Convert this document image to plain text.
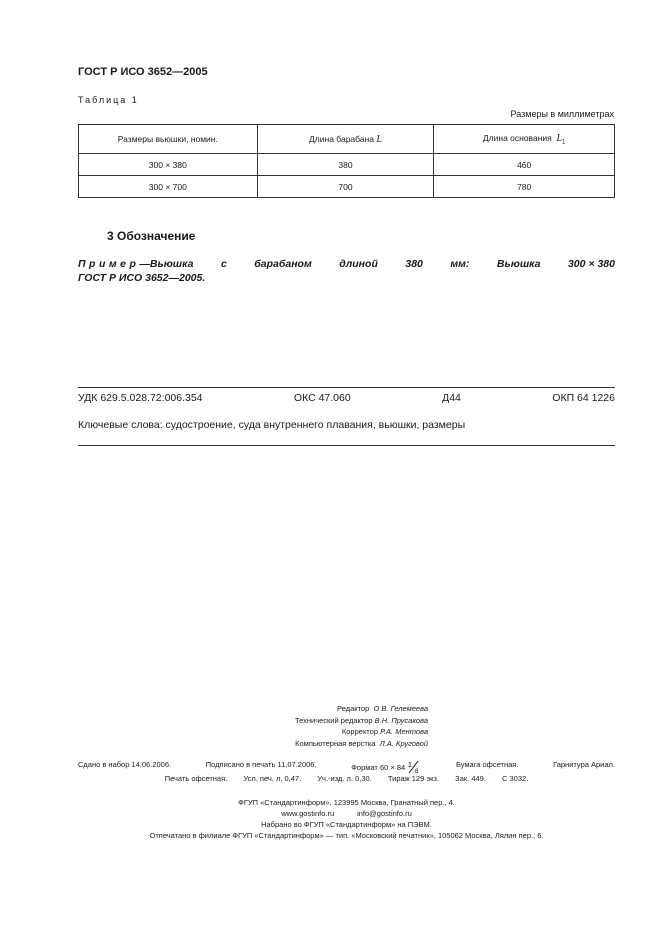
ГОСТ Р ИСО 3652—2005
Таблица 1
Размеры в миллиметрах
Размеры вьюшки, номин.	Длина барабана L	Длина основания $L_1$
300 × 380	380	460
300 × 700	700	780
3 Обозначение
Пример—Вьюшка	с	барабаном	длиной	380	мм:	Вьюшка	300 × 380
ГОСТ Р ИСО 3652—2005.
УДК 629.5.028.72:006.354	ОКС 47.060	Д44	ОКП 64 1226
Ключевые слова: судостроение, суда внутреннего плавания, вьюшки, размеры
Редактор О.В. Гелемеева
Технический редактор В.Н. Прусакова
Корректор Р.А. Ментова
Компьютерная верстка Л.А. Круговой
Сдано в набор 14.06.2006.	Подписано в печать 11.07.2006.	Формат 60 × 84 1
8
Бумага офсетная.	Гарнитура Ариал.
Печать офсетная. Усл. печ. л. 0,47. Уч.-изд. л. 0,30. Тираж 129 экз. Зак. 449. С 3032.
ФГУП «Стандартинформ», 123995 Москва, Гранатный пер., 4.
www.gostinfo.ru	info@gostinfo.ru
Набрано во ФГУП «Стандартинформ» на ПЭВМ.
Отпечатано в филиале ФГУП «Стандартинформ» — тип. «Московский печатник», 105062 Москва, Лялин пер., 6.
